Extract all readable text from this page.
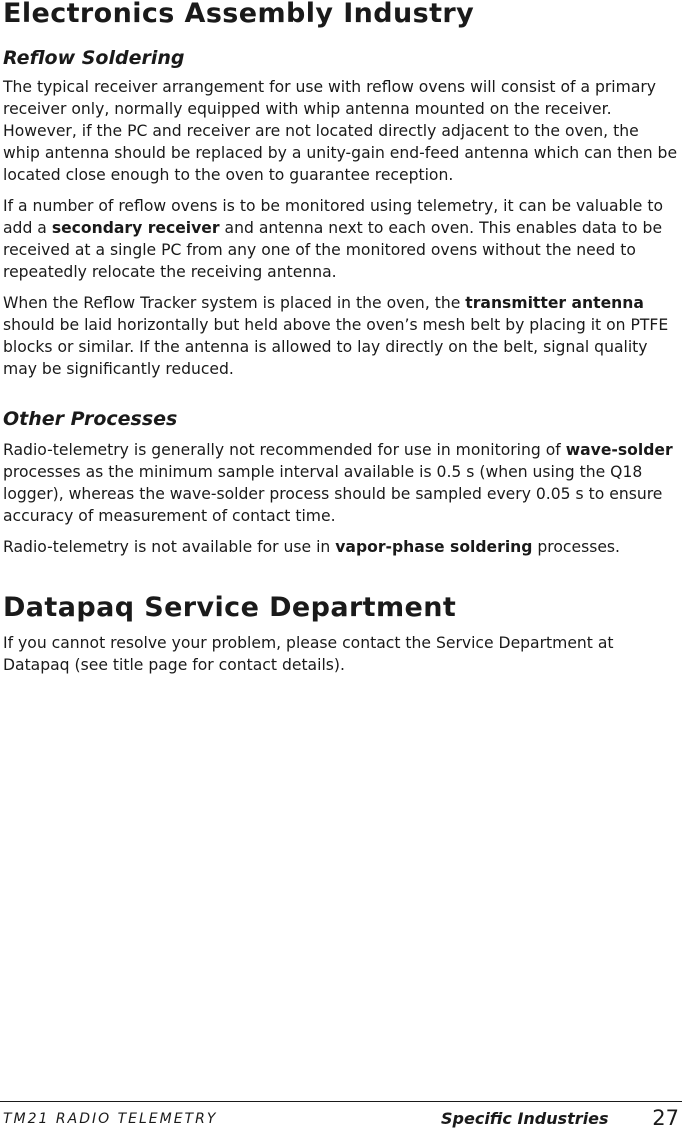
Electronics Assembly Industry
Reflow Soldering

The typical receiver arrangement for use with reflow ovens will consist of a primary receiver only, normally equipped with whip antenna mounted on the receiver. However, if the PC and receiver are not located directly adjacent to the oven, the whip antenna should be replaced by a unity-gain end-feed antenna which can then be located close enough to the oven to guarantee reception.

If a number of reflow ovens is to be monitored using telemetry, it can be valuable to add a secondary receiver and antenna next to each oven. This enables data to be received at a single PC from any one of the monitored ovens without the need to repeatedly relocate the receiving antenna.

When the Reflow Tracker system is placed in the oven, the transmitter antenna should be laid horizontally but held above the oven’s mesh belt by placing it on PTFE blocks or similar. If the antenna is allowed to lay directly on the belt, signal quality may be significantly reduced.

Other Processes

Radio-telemetry is generally not recommended for use in monitoring of wave-solder processes as the minimum sample interval available is 0.5 s (when using the Q18 logger), whereas the wave-solder process should be sampled every 0.05 s to ensure accuracy of measurement of contact time.

Radio-telemetry is not available for use in vapor-phase soldering processes.

Datapaq Service Department

If you cannot resolve your problem, please contact the Service Department at Datapaq (see title page for contact details).

TM21 RADIO TELEMETRY	Specific Industries 27
